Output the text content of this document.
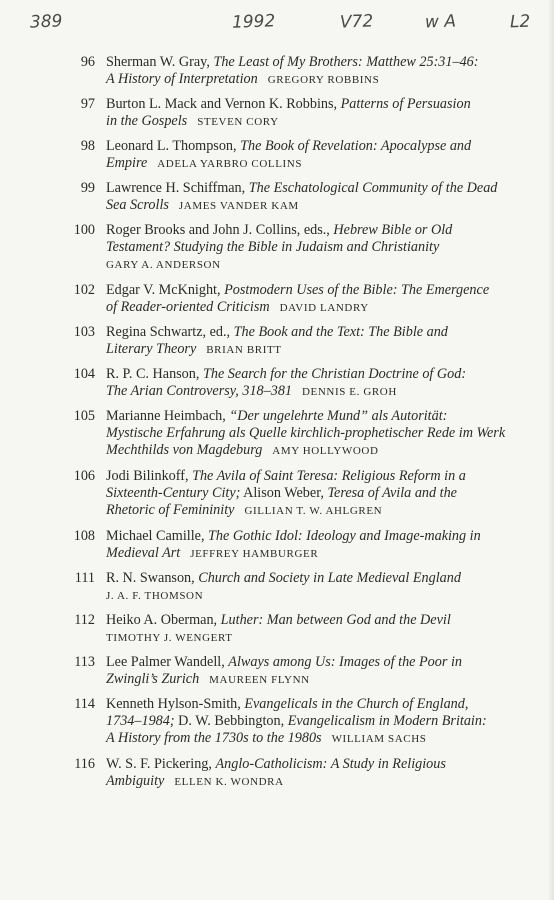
389	1992	V72	w A	L2
96 Sherman W. Gray, The Least of My Brothers: Matthew 25:31–46:
A History of Interpretation GREGORY ROBBINS
97 Burton L. Mack and Vernon K. Robbins, Patterns of Persuasion
in the Gospels STEVEN CORY
98 Leonard L. Thompson, The Book of Revelation: Apocalypse and
Empire ADELA YARBRO COLLINS
99 Lawrence H. Schiffman, The Eschatological Community of the Dead
Sea Scrolls JAMES VANDER KAM
100 Roger Brooks and John J. Collins, eds., Hebrew Bible or Old
Testament? Studying the Bible in Judaism and Christianity
GARY A. ANDERSON
102 Edgar V. McKnight, Postmodern Uses of the Bible: The Emergence
of Reader-oriented Criticism DAVID LANDRY
103 Regina Schwartz, ed., The Book and the Text: The Bible and
Literary Theory BRIAN BRITT
104 R. P. C. Hanson, The Search for the Christian Doctrine of God:
The Arian Controversy, 318–381 DENNIS E. GROH
105 Marianne Heimbach, “Der ungelehrte Mund” als Autorität:
Mystische Erfahrung als Quelle kirchlich-prophetischer Rede im Werk
Mechthilds von Magdeburg AMY HOLLYWOOD
106 Jodi Bilinkoff, The Avila of Saint Teresa: Religious Reform in a
Sixteenth-Century City; Alison Weber, Teresa of Avila and the
Rhetoric of Femininity GILLIAN T. W. AHLGREN
108 Michael Camille, The Gothic Idol: Ideology and Image-making in
Medieval Art JEFFREY HAMBURGER
111 R. N. Swanson, Church and Society in Late Medieval England
J. A. F. THOMSON
112 Heiko A. Oberman, Luther: Man between God and the Devil
TIMOTHY J. WENGERT
113 Lee Palmer Wandell, Always among Us: Images of the Poor in
Zwingli’s Zurich MAUREEN FLYNN
114 Kenneth Hylson-Smith, Evangelicals in the Church of England,
1734–1984; D. W. Bebbington, Evangelicalism in Modern Britain:
A History from the 1730s to the 1980s WILLIAM SACHS
116 W. S. F. Pickering, Anglo-Catholicism: A Study in Religious
Ambiguity ELLEN K. WONDRA
